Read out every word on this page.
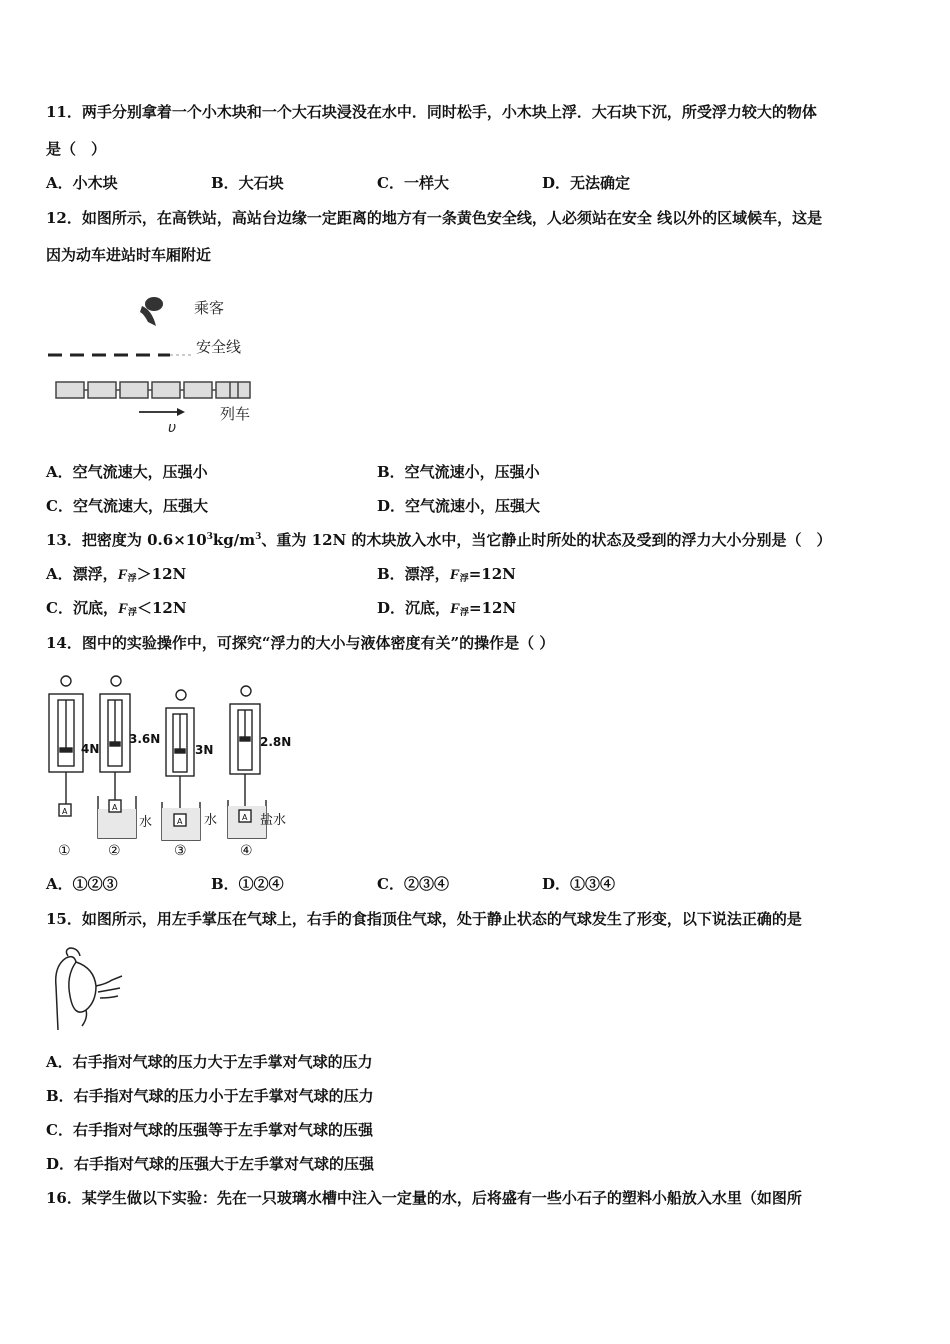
11．两手分别拿着一个小木块和一个大石块浸没在水中．同时松手，小木块上浮．大石块下沉，所受浮力较大的物体
是（　）
A．小木块	B．大石块	C．一样大	D．无法确定
12．如图所示，在高铁站，高站台边缘一定距离的地方有一条黄色安全线，人必须站在安全 线以外的区域候车，这是
因为动车进站时车厢附近
乘客
安全线
υ
列车
A．空气流速大，压强小	B．空气流速小，压强小
C．空气流速大，压强大	D．空气流速小，压强大
13．把密度为 $0.6\times 10^3kg/m^3$、重为 12N 的木块放入水中，当它静止时所处的状态及受到的浮力大小分别是（　）
A．漂浮，$F_浮>12N$	B．漂浮，$F_浮=12N$
C．沉底，$F_浮<12N$	D．沉底，$F_浮=12N$
14．图中的实验操作中，可探究“浮力的大小与液体密度有关”的操作是（ ）
4N
3.6N
3N
2.8N
水	水	盐水
A	A
A	A
①	②	③	④
A．①②③	B．①②④	C．②③④	D．①③④
15．如图所示，用左手掌压在气球上，右手的食指顶住气球，处于静止状态的气球发生了形变，以下说法正确的是
A．右手指对气球的压力大于左手掌对气球的压力
B．右手指对气球的压力小于左手掌对气球的压力
C．右手指对气球的压强等于左手掌对气球的压强
D．右手指对气球的压强大于左手掌对气球的压强
16．某学生做以下实验：先在一只玻璃水槽中注入一定量的水，后将盛有一些小石子的塑料小船放入水里（如图所
